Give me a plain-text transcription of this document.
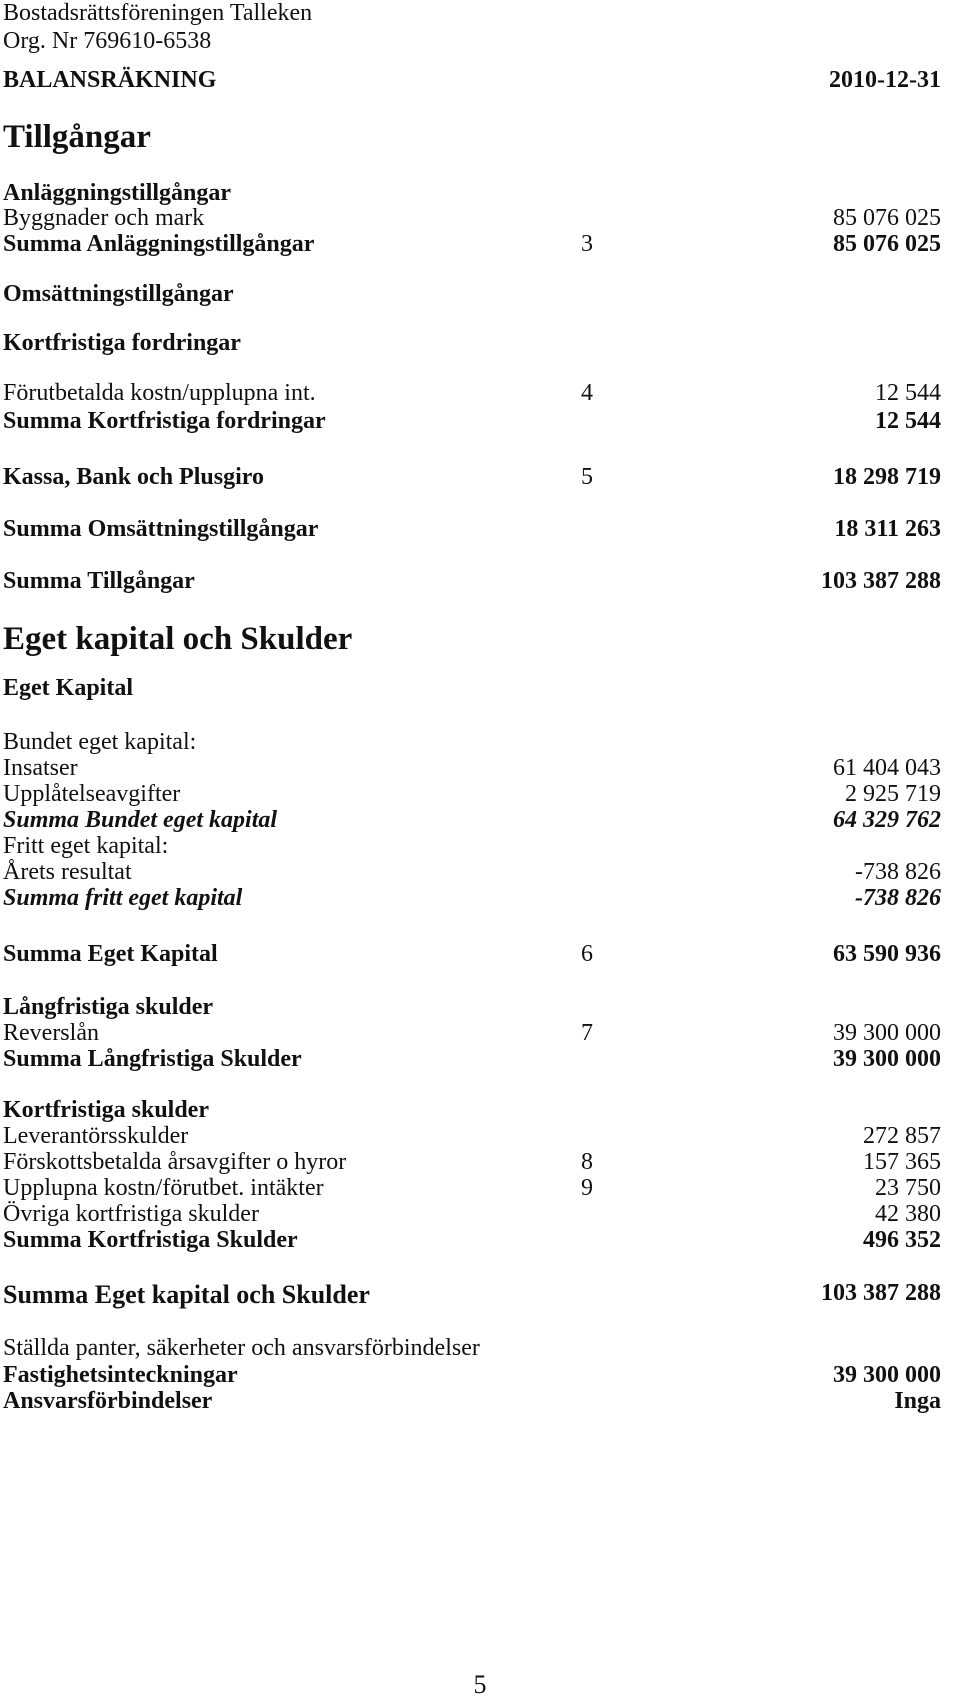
Bostadsrättsföreningen Talleken
Org. Nr 769610-6538
BALANSRÄKNING	2010-12-31
Tillgångar
Anläggningstillgångar
Byggnader och mark	85 076 025
Summa Anläggningstillgångar	3	85 076 025
Omsättningstillgångar
Kortfristiga fordringar
Förutbetalda kostn/upplupna int.	4	12 544
Summa Kortfristiga fordringar	12 544
Kassa, Bank och Plusgiro	5	18 298 719
Summa Omsättningstillgångar	18 311 263
Summa Tillgångar	103 387 288
Eget kapital och Skulder
Eget Kapital
Bundet eget kapital:
Insatser	61 404 043
Upplåtelseavgifter	2 925 719
Summa Bundet eget kapital	64 329 762
Fritt eget kapital:
Årets resultat	-738 826
Summa fritt eget kapital	-738 826
Summa Eget Kapital	6	63 590 936
Långfristiga skulder
Reverslån	7	39 300 000
Summa Långfristiga Skulder	39 300 000
Kortfristiga skulder
Leverantörsskulder	272 857
Förskottsbetalda årsavgifter o hyror	8	157 365
Upplupna kostn/förutbet. intäkter	9	23 750
Övriga kortfristiga skulder	42 380
Summa Kortfristiga Skulder	496 352
Summa Eget kapital och Skulder	103 387 288
Ställda panter, säkerheter och ansvarsförbindelser
Fastighetsinteckningar	39 300 000
Ansvarsförbindelser	Inga
5
